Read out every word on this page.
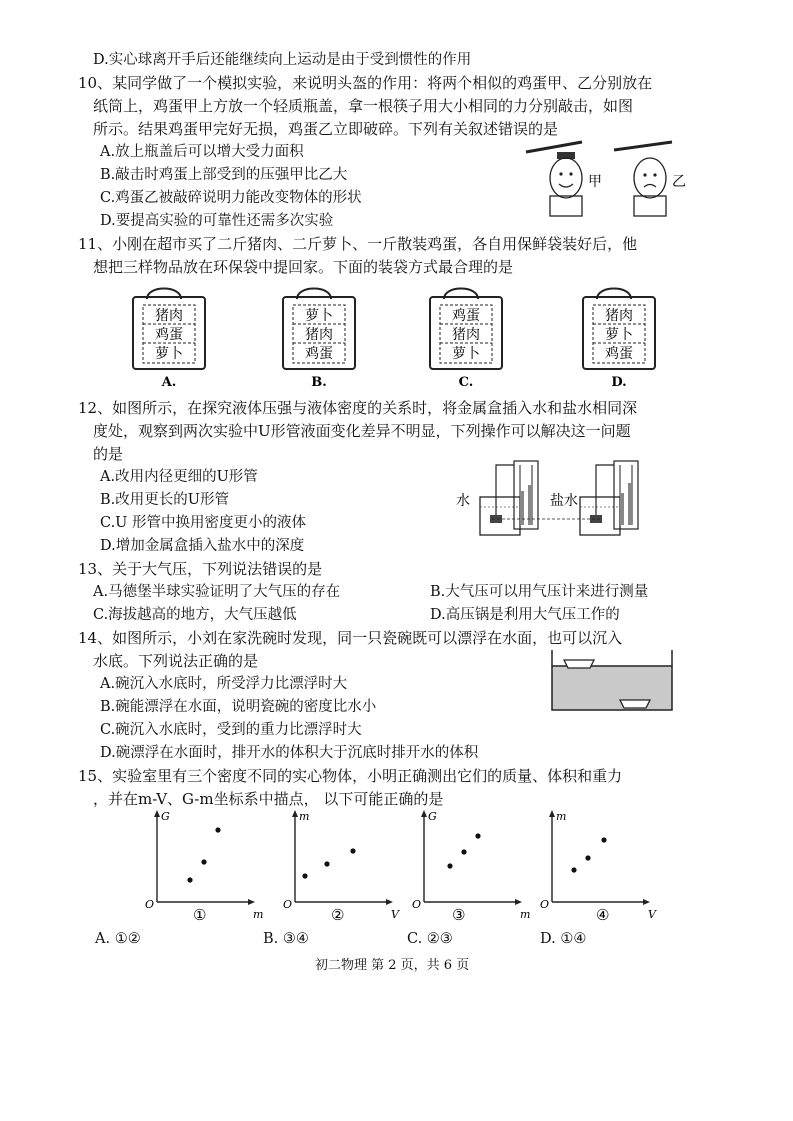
D.实心球离开手后还能继续向上运动是由于受到惯性的作用
10、某同学做了一个模拟实验，来说明头盔的作用：将两个相似的鸡蛋甲、乙分别放在
纸筒上，鸡蛋甲上方放一个轻质瓶盖，拿一根筷子用大小相同的力分别敲击，如图
所示。结果鸡蛋甲完好无损，鸡蛋乙立即破碎。下列有关叙述错误的是
A.放上瓶盖后可以增大受力面积
B.敲击时鸡蛋上部受到的压强甲比乙大
C.鸡蛋乙被敲碎说明力能改变物体的形状
D.要提高实验的可靠性还需多次实验
甲	乙
11、小刚在超市买了二斤猪肉、二斤萝卜、一斤散装鸡蛋，各自用保鲜袋装好后，他
想把三样物品放在环保袋中提回家。下面的装袋方式最合理的是
猪肉
鸡蛋
萝卜
A.
萝卜
猪肉
鸡蛋
B.
鸡蛋
猪肉
萝卜
C.
猪肉
萝卜
鸡蛋
D.
12、如图所示，在探究液体压强与液体密度的关系时，将金属盒插入水和盐水相同深
度处，观察到两次实验中U形管液面变化差异不明显，下列操作可以解决这一问题
的是
A.改用内径更细的U形管
B.改用更长的U形管
C.U 形管中换用密度更小的液体
D.增加金属盒插入盐水中的深度
水	盐水
13、关于大气压，下列说法错误的是
A.马德堡半球实验证明了大气压的存在	B.大气压可以用气压计来进行测量
C.海拔越高的地方，大气压越低	D.高压锅是利用大气压工作的
14、如图所示，小刘在家洗碗时发现，同一只瓷碗既可以漂浮在水面，也可以沉入
水底。下列说法正确的是
A.碗沉入水底时，所受浮力比漂浮时大
B.碗能漂浮在水面，说明瓷碗的密度比水小
C.碗沉入水底时，受到的重力比漂浮时大
D.碗漂浮在水面时，排开水的体积大于沉底时排开水的体积
15、实验室里有三个密度不同的实心物体，小明正确测出它们的质量、体积和重力
，并在m-V、G-m坐标系中描点， 以下可能正确的是
G
m
O
①
m
V
O
②
G
m
O
③
m
V
O
④
A. ①②	B. ③④	C. ②③	D. ①④
初二物理 第 2 页，共 6 页
